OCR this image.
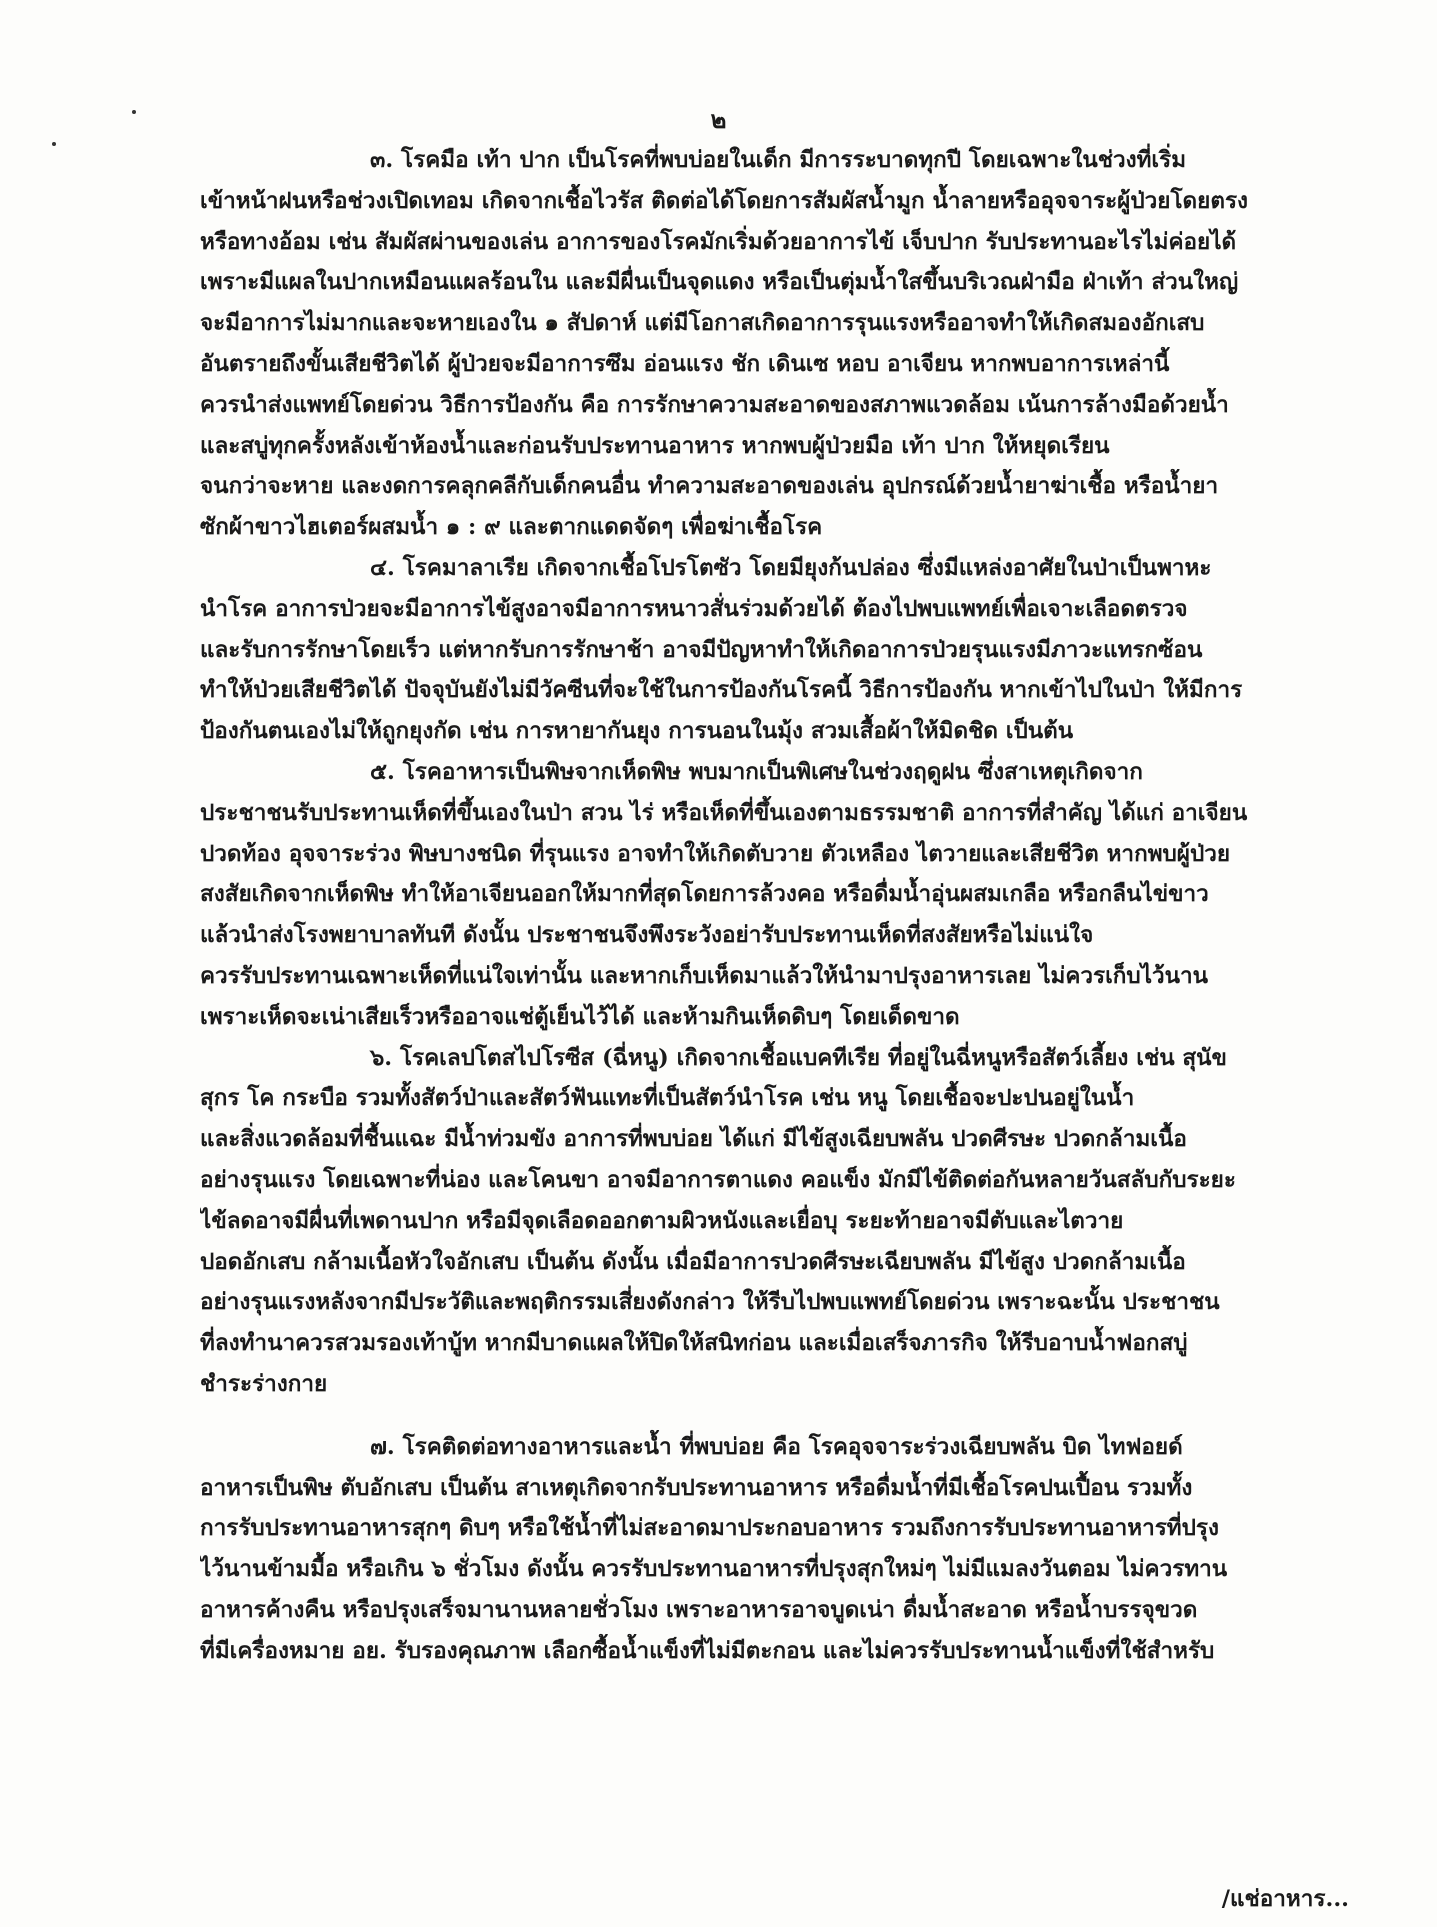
๒
๓. โรคมือ เท้า ปาก เป็นโรคที่พบบ่อยในเด็ก มีการระบาดทุกปี โดยเฉพาะในช่วงที่เริ่ม
เข้าหน้าฝนหรือช่วงเปิดเทอม เกิดจากเชื้อไวรัส ติดต่อได้โดยการสัมผัสน้ำมูก น้ำลายหรืออุจจาระผู้ป่วยโดยตรง
หรือทางอ้อม เช่น สัมผัสผ่านของเล่น อาการของโรคมักเริ่มด้วยอาการไข้ เจ็บปาก รับประทานอะไรไม่ค่อยได้
เพราะมีแผลในปากเหมือนแผลร้อนใน และมีผื่นเป็นจุดแดง หรือเป็นตุ่มน้ำใสขึ้นบริเวณฝ่ามือ ฝ่าเท้า ส่วนใหญ่
จะมีอาการไม่มากและจะหายเองใน ๑ สัปดาห์ แต่มีโอกาสเกิดอาการรุนแรงหรืออาจทำให้เกิดสมองอักเสบ
อันตรายถึงขั้นเสียชีวิตได้ ผู้ป่วยจะมีอาการซึม อ่อนแรง ชัก เดินเซ หอบ อาเจียน หากพบอาการเหล่านี้
ควรนำส่งแพทย์โดยด่วน วิธีการป้องกัน คือ การรักษาความสะอาดของสภาพแวดล้อม เน้นการล้างมือด้วยน้ำ
และสบู่ทุกครั้งหลังเข้าห้องน้ำและก่อนรับประทานอาหาร หากพบผู้ป่วยมือ เท้า ปาก ให้หยุดเรียน
จนกว่าจะหาย และงดการคลุกคลีกับเด็กคนอื่น ทำความสะอาดของเล่น อุปกรณ์ด้วยน้ำยาฆ่าเชื้อ หรือน้ำยา
ซักผ้าขาวไฮเตอร์ผสมน้ำ ๑ : ๙ และตากแดดจัดๆ เพื่อฆ่าเชื้อโรค
๔. โรคมาลาเรีย เกิดจากเชื้อโปรโตซัว โดยมียุงก้นปล่อง ซึ่งมีแหล่งอาศัยในป่าเป็นพาหะ
นำโรค อาการป่วยจะมีอาการไข้สูงอาจมีอาการหนาวสั่นร่วมด้วยได้ ต้องไปพบแพทย์เพื่อเจาะเลือดตรวจ
และรับการรักษาโดยเร็ว แต่หากรับการรักษาช้า อาจมีปัญหาทำให้เกิดอาการป่วยรุนแรงมีภาวะแทรกซ้อน
ทำให้ป่วยเสียชีวิตได้ ปัจจุบันยังไม่มีวัคซีนที่จะใช้ในการป้องกันโรคนี้ วิธีการป้องกัน หากเข้าไปในป่า ให้มีการ
ป้องกันตนเองไม่ให้ถูกยุงกัด เช่น การหายากันยุง การนอนในมุ้ง สวมเสื้อผ้าให้มิดชิด เป็นต้น
๕. โรคอาหารเป็นพิษจากเห็ดพิษ พบมากเป็นพิเศษในช่วงฤดูฝน ซึ่งสาเหตุเกิดจาก
ประชาชนรับประทานเห็ดที่ขึ้นเองในป่า สวน ไร่ หรือเห็ดที่ขึ้นเองตามธรรมชาติ อาการที่สำคัญ ได้แก่ อาเจียน
ปวดท้อง อุจจาระร่วง พิษบางชนิด ที่รุนแรง อาจทำให้เกิดตับวาย ตัวเหลือง ไตวายและเสียชีวิต หากพบผู้ป่วย
สงสัยเกิดจากเห็ดพิษ ทำให้อาเจียนออกให้มากที่สุดโดยการล้วงคอ หรือดื่มน้ำอุ่นผสมเกลือ หรือกลืนไข่ขาว
แล้วนำส่งโรงพยาบาลทันที ดังนั้น ประชาชนจึงพึงระวังอย่ารับประทานเห็ดที่สงสัยหรือไม่แน่ใจ
ควรรับประทานเฉพาะเห็ดที่แน่ใจเท่านั้น และหากเก็บเห็ดมาแล้วให้นำมาปรุงอาหารเลย ไม่ควรเก็บไว้นาน
เพราะเห็ดจะเน่าเสียเร็วหรืออาจแช่ตู้เย็นไว้ได้ และห้ามกินเห็ดดิบๆ โดยเด็ดขาด
๖. โรคเลปโตสไปโรซีส (ฉี่หนู) เกิดจากเชื้อแบคทีเรีย ที่อยู่ในฉี่หนูหรือสัตว์เลี้ยง เช่น สุนัข
สุกร โค กระบือ รวมทั้งสัตว์ป่าและสัตว์ฟันแทะที่เป็นสัตว์นำโรค เช่น หนู โดยเชื้อจะปะปนอยู่ในน้ำ
และสิ่งแวดล้อมที่ชื้นแฉะ มีน้ำท่วมขัง อาการที่พบบ่อย ได้แก่ มีไข้สูงเฉียบพลัน ปวดศีรษะ ปวดกล้ามเนื้อ
อย่างรุนแรง โดยเฉพาะที่น่อง และโคนขา อาจมีอาการตาแดง คอแข็ง มักมีไข้ติดต่อกันหลายวันสลับกับระยะ
ไข้ลดอาจมีผื่นที่เพดานปาก หรือมีจุดเลือดออกตามผิวหนังและเยื่อบุ ระยะท้ายอาจมีตับและไตวาย
ปอดอักเสบ กล้ามเนื้อหัวใจอักเสบ เป็นต้น ดังนั้น เมื่อมีอาการปวดศีรษะเฉียบพลัน มีไข้สูง ปวดกล้ามเนื้อ
อย่างรุนแรงหลังจากมีประวัติและพฤติกรรมเสี่ยงดังกล่าว ให้รีบไปพบแพทย์โดยด่วน เพราะฉะนั้น ประชาชน
ที่ลงทำนาควรสวมรองเท้าบู้ท หากมีบาดแผลให้ปิดให้สนิทก่อน และเมื่อเสร็จภารกิจ ให้รีบอาบน้ำฟอกสบู่
ชำระร่างกาย
๗. โรคติดต่อทางอาหารและน้ำ ที่พบบ่อย คือ โรคอุจจาระร่วงเฉียบพลัน บิด ไทฟอยด์
อาหารเป็นพิษ ตับอักเสบ เป็นต้น สาเหตุเกิดจากรับประทานอาหาร หรือดื่มน้ำที่มีเชื้อโรคปนเปื้อน รวมทั้ง
การรับประทานอาหารสุกๆ ดิบๆ หรือใช้น้ำที่ไม่สะอาดมาประกอบอาหาร รวมถึงการรับประทานอาหารที่ปรุง
ไว้นานข้ามมื้อ หรือเกิน ๖ ชั่วโมง ดังนั้น ควรรับประทานอาหารที่ปรุงสุกใหม่ๆ ไม่มีแมลงวันตอม ไม่ควรทาน
อาหารค้างคืน หรือปรุงเสร็จมานานหลายชั่วโมง เพราะอาหารอาจบูดเน่า ดื่มน้ำสะอาด หรือน้ำบรรจุขวด
ที่มีเครื่องหมาย อย. รับรองคุณภาพ เลือกซื้อน้ำแข็งที่ไม่มีตะกอน และไม่ควรรับประทานน้ำแข็งที่ใช้สำหรับ
/แช่อาหาร...
